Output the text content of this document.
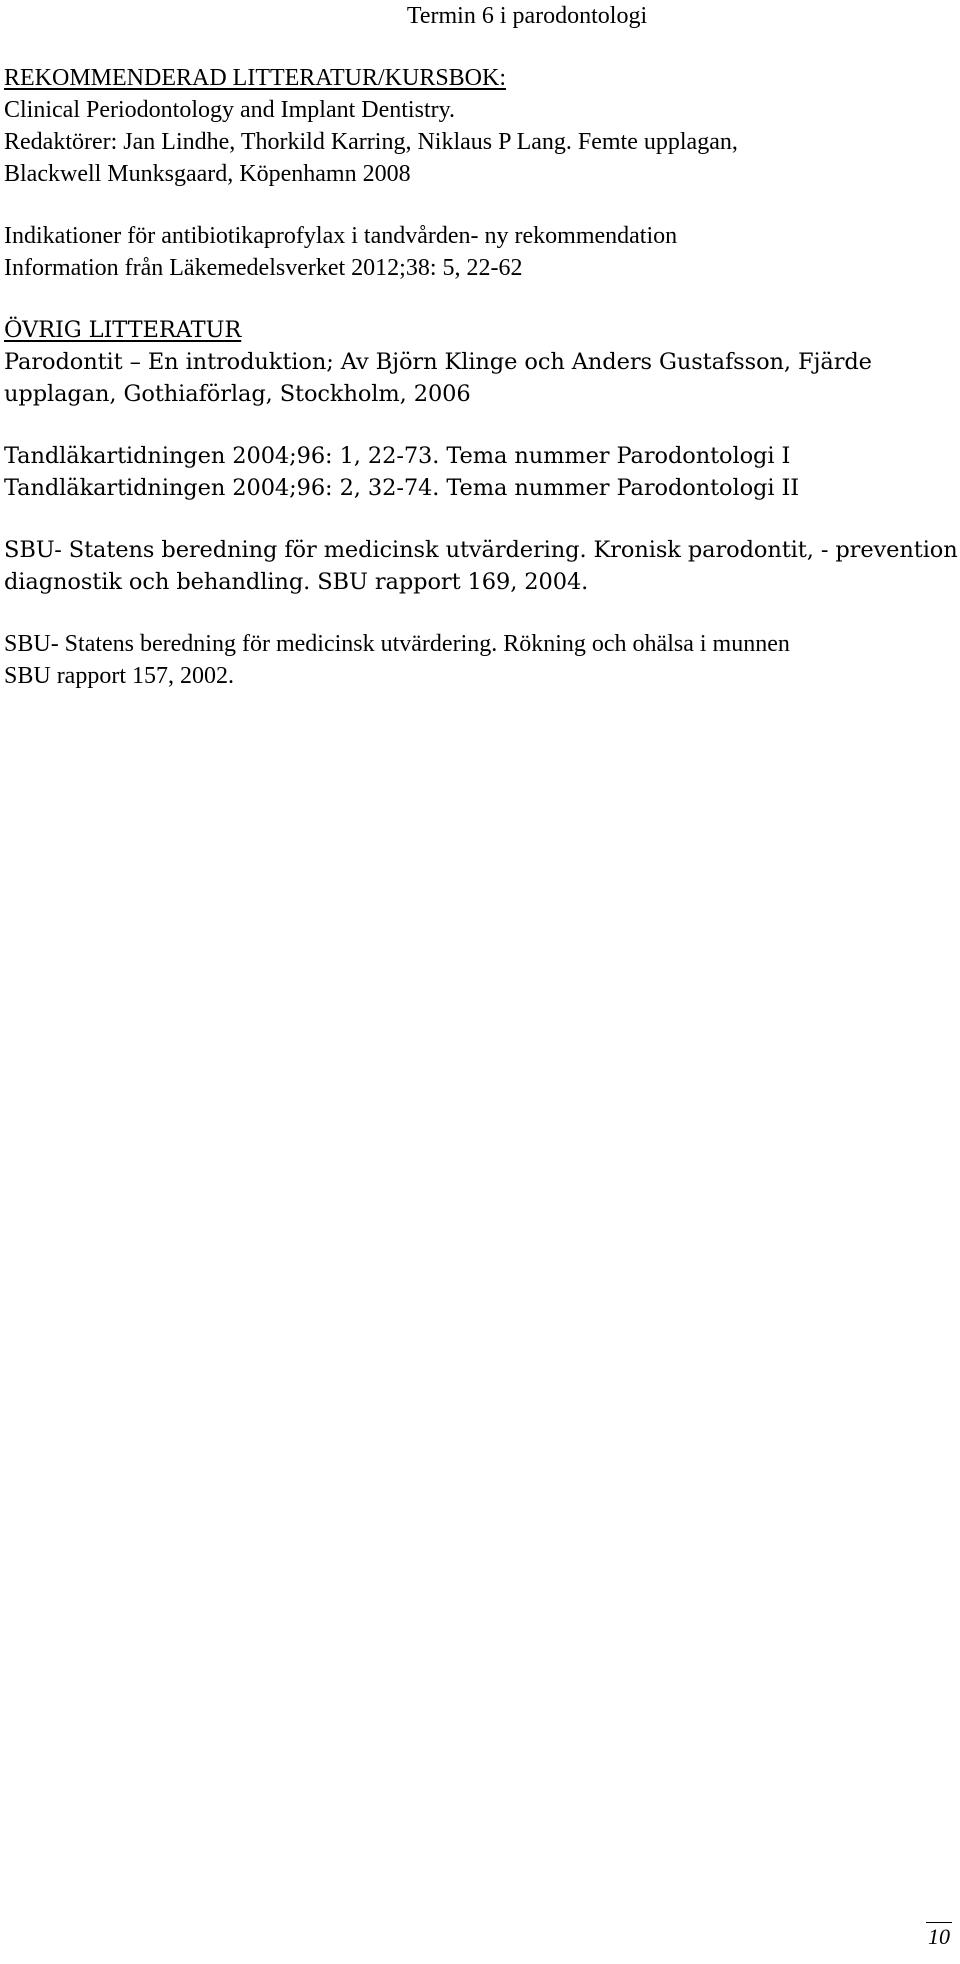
Termin 6 i parodontologi
REKOMMENDERAD LITTERATUR/KURSBOK:
Clinical Periodontology and Implant Dentistry.
Redaktörer: Jan Lindhe, Thorkild Karring, Niklaus P Lang. Femte upplagan,
Blackwell Munksgaard, Köpenhamn 2008
Indikationer för antibiotikaprofylax i tandvården- ny rekommendation
Information från Läkemedelsverket 2012;38: 5, 22-62
ÖVRIG LITTERATUR
Parodontit – En introduktion; Av Björn Klinge och Anders Gustafsson, Fjärde
upplagan, Gothiaförlag, Stockholm, 2006
Tandläkartidningen 2004;96: 1, 22-73. Tema nummer Parodontologi I
Tandläkartidningen 2004;96: 2, 32-74. Tema nummer Parodontologi II
SBU- Statens beredning för medicinsk utvärdering. Kronisk parodontit, - prevention
diagnostik och behandling. SBU rapport 169, 2004.
SBU- Statens beredning för medicinsk utvärdering. Rökning och ohälsa i munnen
SBU rapport 157, 2002.
10
